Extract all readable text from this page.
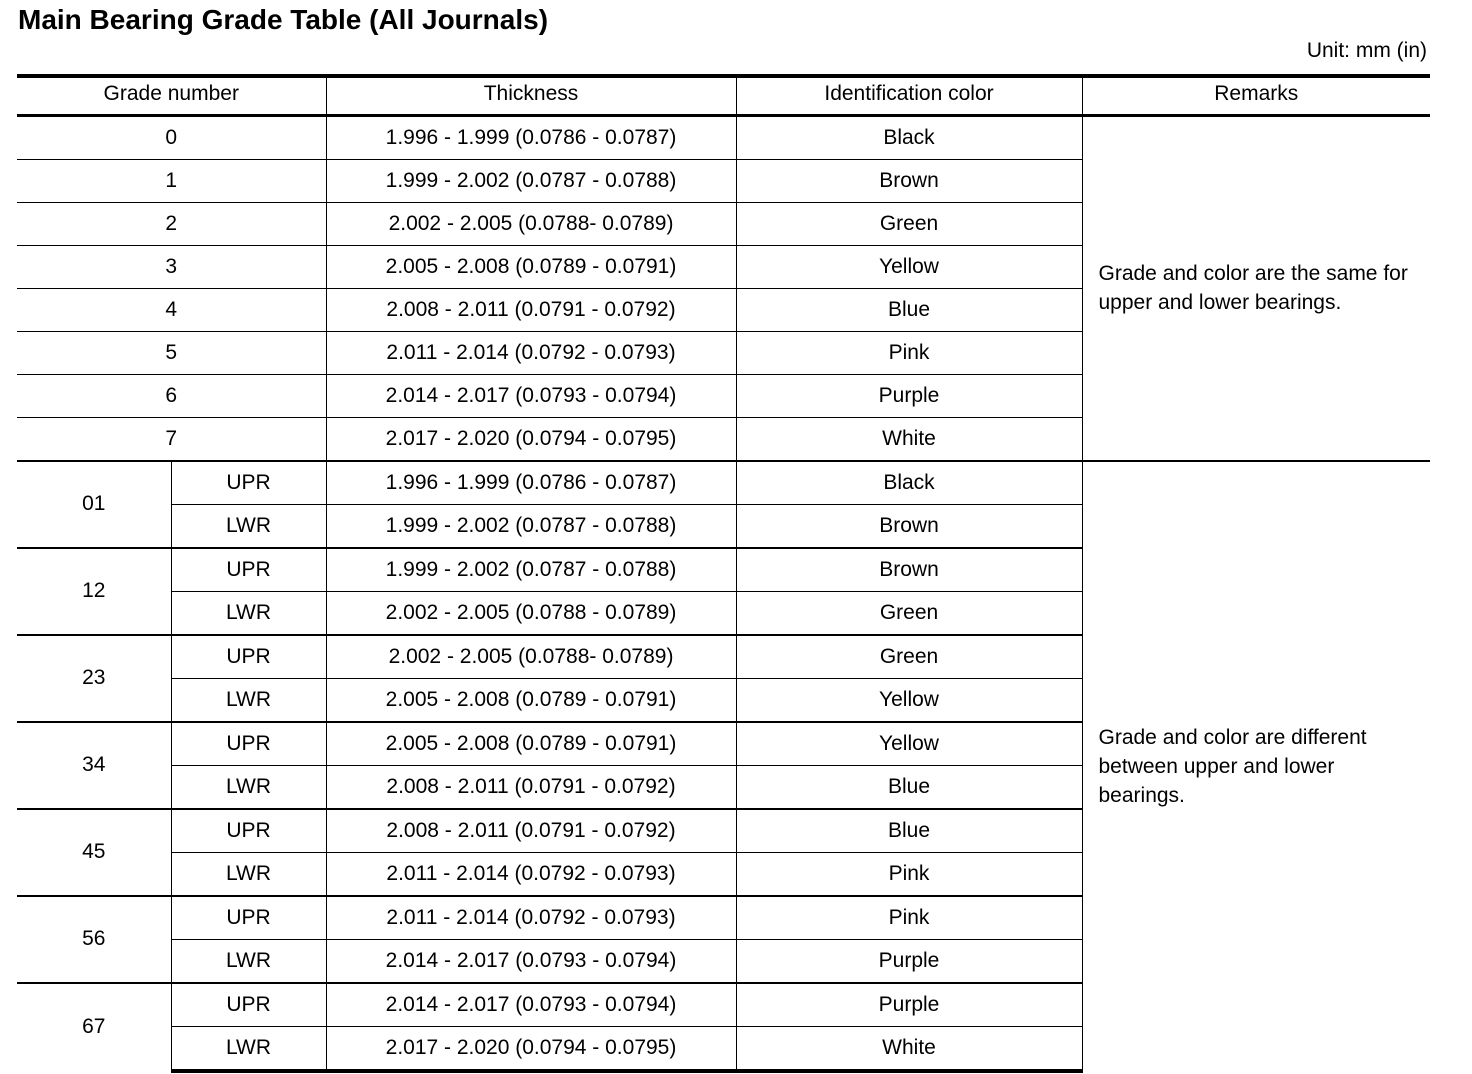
Main Bearing Grade Table (All Journals)
Unit: mm (in)
Grade number		Thickness	Identification color	Remarks
0		1.996 - 1.999 (0.0786 - 0.0787)	Black	Grade and color are the same for upper and lower bearings.
1		1.999 - 2.002 (0.0787 - 0.0788)	Brown	
2		2.002 - 2.005 (0.0788- 0.0789)	Green	
3		2.005 - 2.008 (0.0789 - 0.0791)	Yellow	
4		2.008 - 2.011 (0.0791 - 0.0792)	Blue	
5		2.011 - 2.014 (0.0792 - 0.0793)	Pink	
6		2.014 - 2.017 (0.0793 - 0.0794)	Purple	
7		2.017 - 2.020 (0.0794 - 0.0795)	White	
01	UPR	1.996 - 1.999 (0.0786 - 0.0787)	Black	Grade and color are different between upper and lower bearings.
	LWR	1.999 - 2.002 (0.0787 - 0.0788)	Brown	
12	UPR	1.999 - 2.002 (0.0787 - 0.0788)	Brown	
	LWR	2.002 - 2.005 (0.0788 - 0.0789)	Green	
23	UPR	2.002 - 2.005 (0.0788- 0.0789)	Green	
	LWR	2.005 - 2.008 (0.0789 - 0.0791)	Yellow	
34	UPR	2.005 - 2.008 (0.0789 - 0.0791)	Yellow	
	LWR	2.008 - 2.011 (0.0791 - 0.0792)	Blue	
45	UPR	2.008 - 2.011 (0.0791 - 0.0792)	Blue	
	LWR	2.011 - 2.014 (0.0792 - 0.0793)	Pink	
56	UPR	2.011 - 2.014 (0.0792 - 0.0793)	Pink	
	LWR	2.014 - 2.017 (0.0793 - 0.0794)	Purple	
67	UPR	2.014 - 2.017 (0.0793 - 0.0794)	Purple	
	LWR	2.017 - 2.020 (0.0794 - 0.0795)	White	
